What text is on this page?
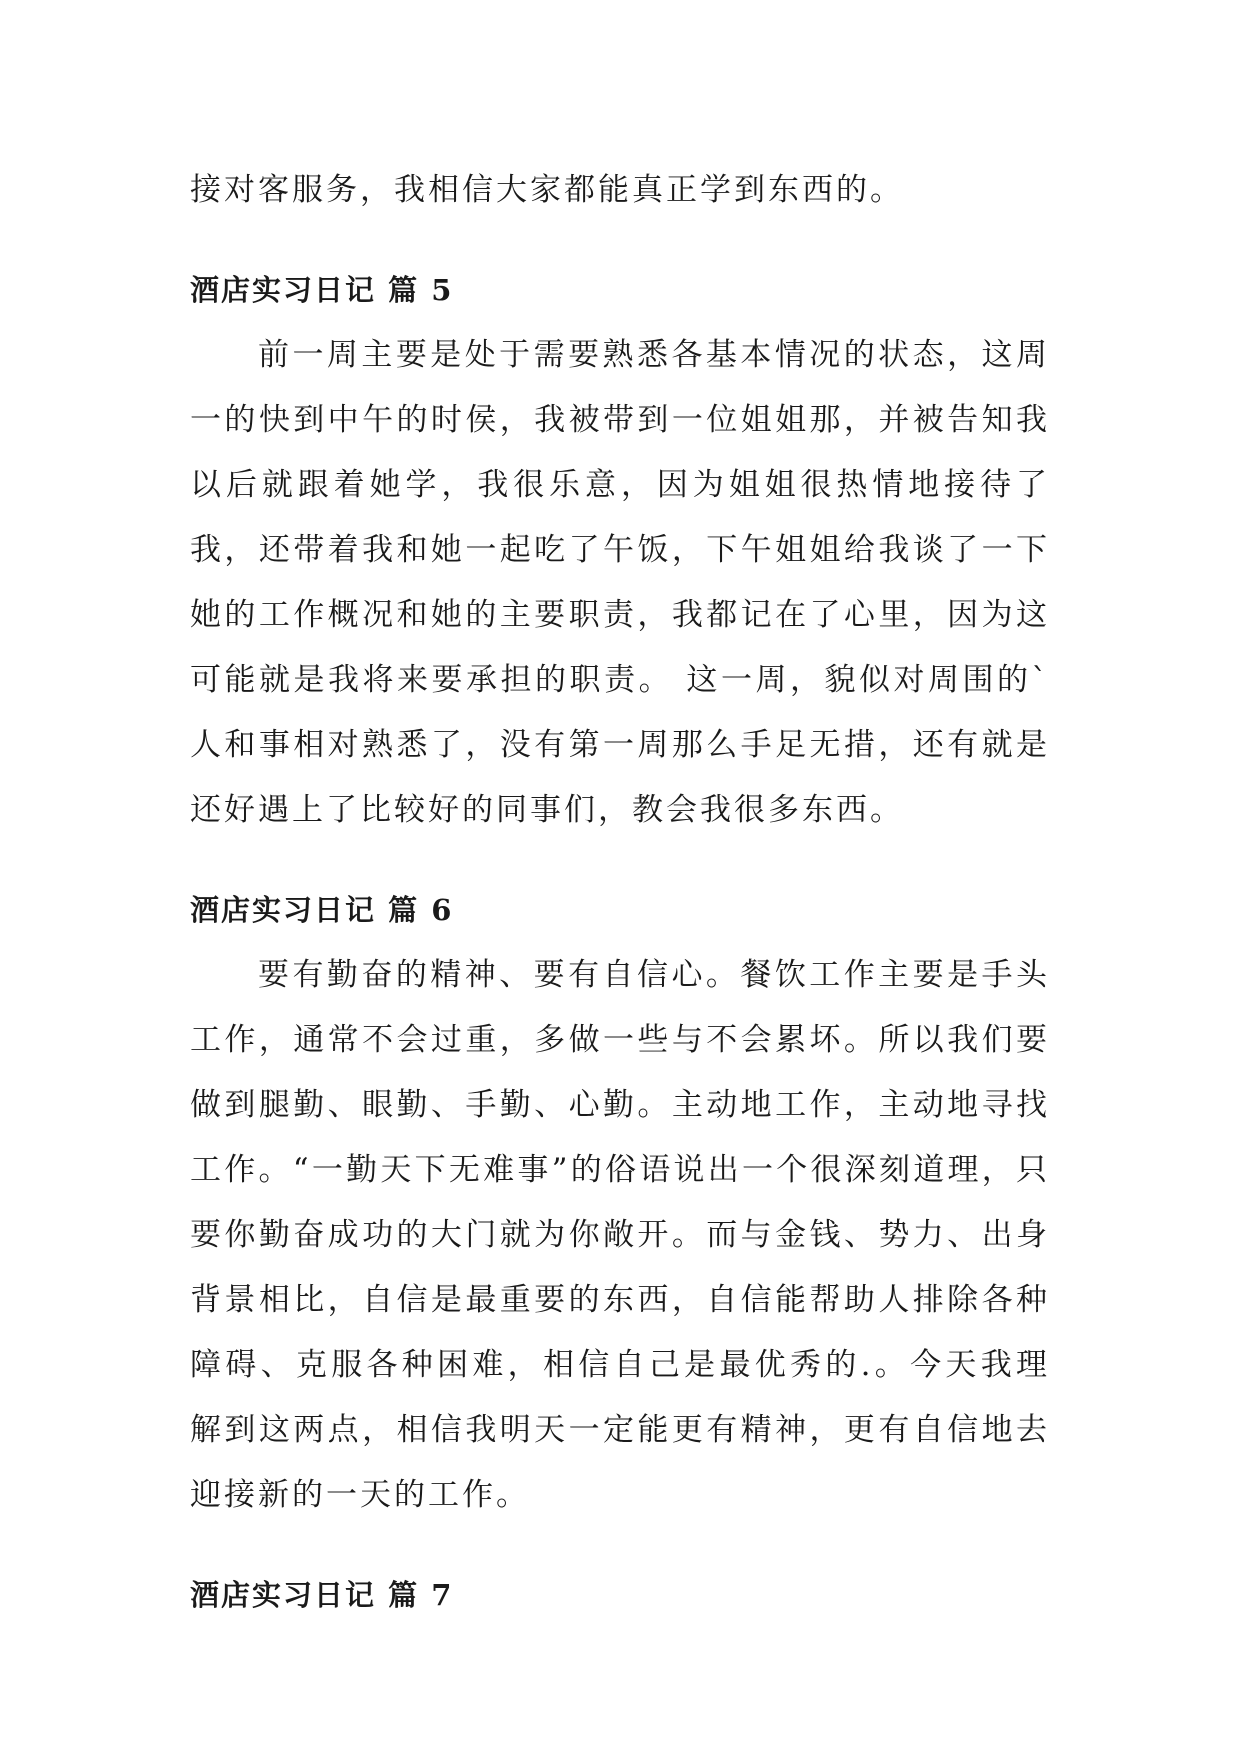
接对客服务，我相信大家都能真正学到东西的。

酒店实习日记 篇 5

前一周主要是处于需要熟悉各基本情况的状态，这周一的快到中午的时侯，我被带到一位姐姐那，并被告知我以后就跟着她学，我很乐意，因为姐姐很热情地接待了我，还带着我和她一起吃了午饭，下午姐姐给我谈了一下她的工作概况和她的主要职责，我都记在了心里，因为这可能就是我将来要承担的职责。 这一周，貌似对周围的`人和事相对熟悉了，没有第一周那么手足无措，还有就是还好遇上了比较好的同事们，教会我很多东西。

酒店实习日记 篇 6

要有勤奋的精神、要有自信心。餐饮工作主要是手头工作，通常不会过重，多做一些与不会累坏。所以我们要做到腿勤、眼勤、手勤、心勤。主动地工作，主动地寻找工作。“一勤天下无难事”的俗语说出一个很深刻道理，只要你勤奋成功的大门就为你敞开。而与金钱、势力、出身背景相比，自信是最重要的东西，自信能帮助人排除各种障碍、克服各种困难，相信自己是最优秀的.。今天我理解到这两点，相信我明天一定能更有精神，更有自信地去迎接新的一天的工作。

酒店实习日记 篇 7
